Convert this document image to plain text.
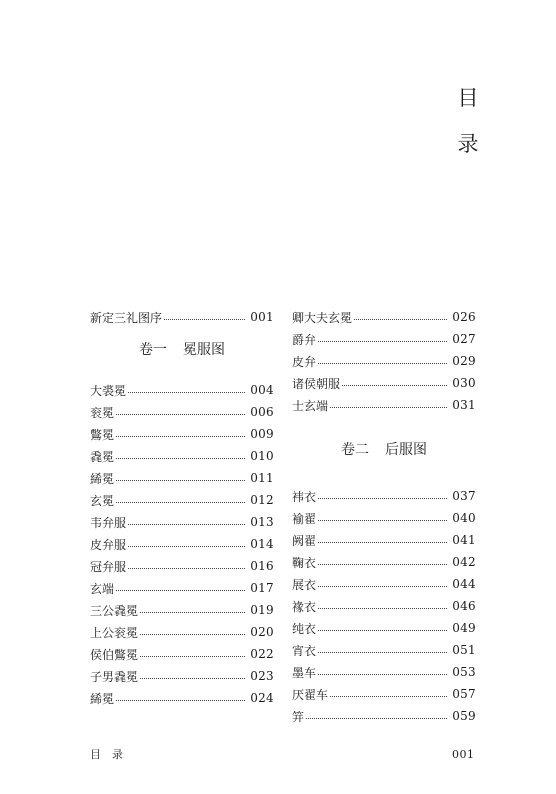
目
录
新定三礼图序	001
卷一 冕服图
大裘冕	004
衮冕	006
鷩冕	009
毳冕	010
絺冕	011
玄冕	012
韦弁服	013
皮弁服	014
冠弁服	016
玄端	017
三公毳冕	019
上公衮冕	020
侯伯鷩冕	022
子男毳冕	023
絺冕	024
卿大夫玄冕	026
爵弁	027
皮弁	029
诸侯朝服	030
士玄端	031
卷二 后服图
袆衣	037
褕翟	040
阙翟	041
鞠衣	042
展衣	044
褖衣	046
纯衣	049
宵衣	051
墨车	053
厌翟车	057
笄	059
目 录	001
